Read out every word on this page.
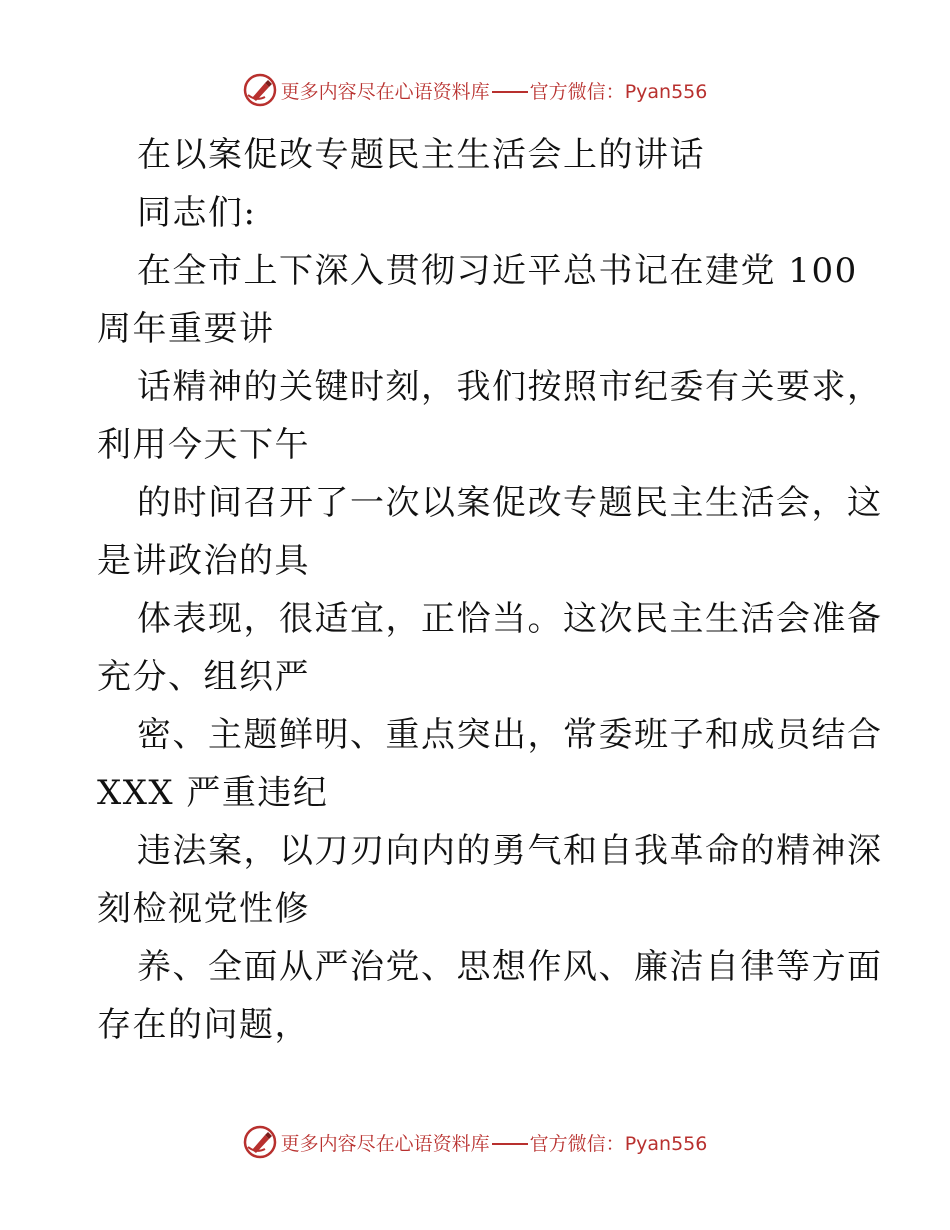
更多内容尽在心语资料库 官方微信：Pyan556
在以案促改专题民主生活会上的讲话
同志们:
在全市上下深入贯彻习近平总书记在建党 100
周年重要讲
话精神的关键时刻，我们按照市纪委有关要求，
利用今天下午
的时间召开了一次以案促改专题民主生活会，这
是讲政治的具
体表现，很适宜，正恰当。这次民主生活会准备
充分、组织严
密、主题鲜明、重点突出，常委班子和成员结合
XXX 严重违纪
违法案，以刀刃向内的勇气和自我革命的精神深
刻检视党性修
养、全面从严治党、思想作风、廉洁自律等方面
存在的问题，
更多内容尽在心语资料库 官方微信：Pyan556
